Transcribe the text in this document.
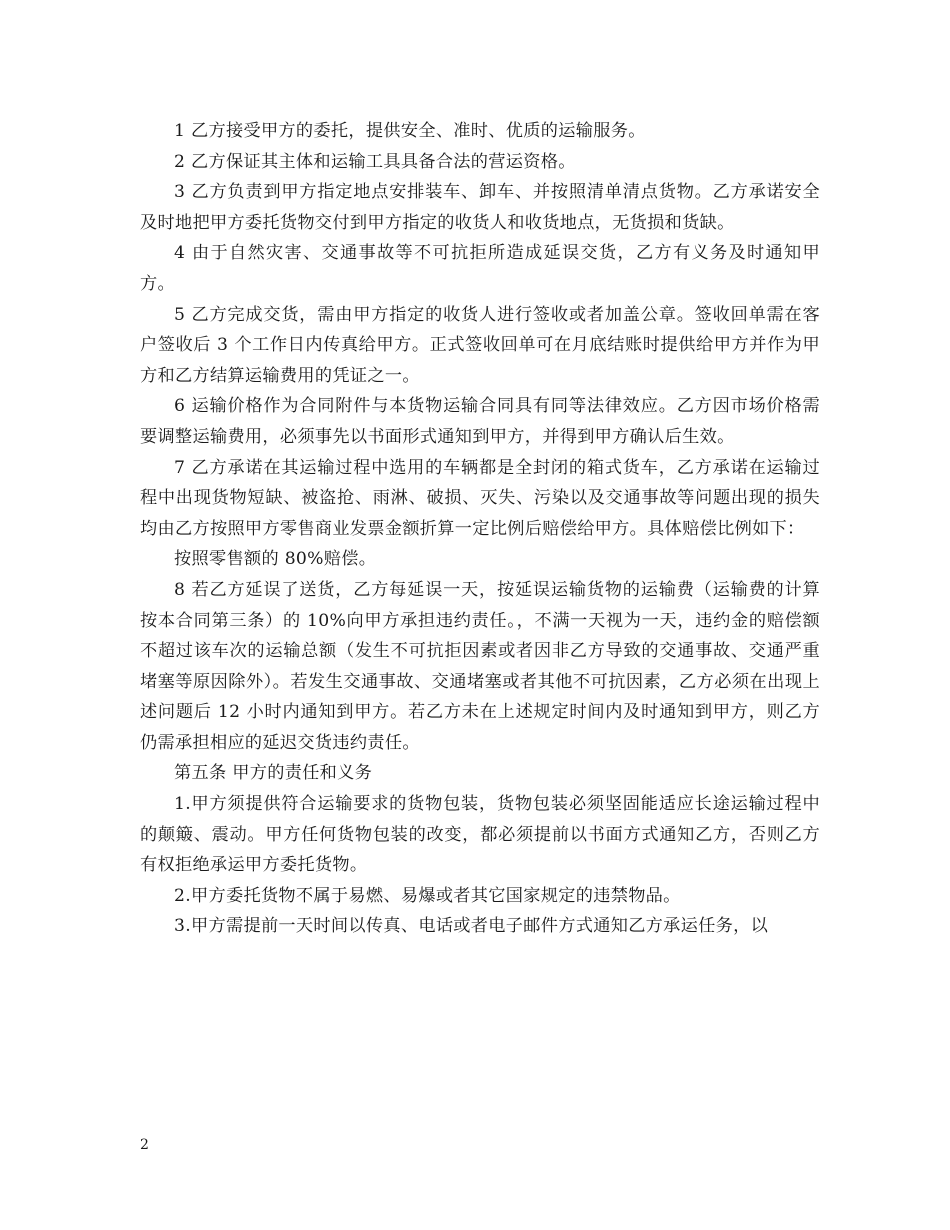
1 乙方接受甲方的委托，提供安全、准时、优质的运输服务。

2 乙方保证其主体和运输工具具备合法的营运资格。

3 乙方负责到甲方指定地点安排装车、卸车、并按照清单清点货物。乙方承诺安全及时地把甲方委托货物交付到甲方指定的收货人和收货地点，无货损和货缺。

4 由于自然灾害、交通事故等不可抗拒所造成延误交货，乙方有义务及时通知甲方。

5 乙方完成交货，需由甲方指定的收货人进行签收或者加盖公章。签收回单需在客户签收后 3 个工作日内传真给甲方。正式签收回单可在月底结账时提供给甲方并作为甲方和乙方结算运输费用的凭证之一。

6 运输价格作为合同附件与本货物运输合同具有同等法律效应。乙方因市场价格需要调整运输费用，必须事先以书面形式通知到甲方，并得到甲方确认后生效。

7 乙方承诺在其运输过程中选用的车辆都是全封闭的箱式货车，乙方承诺在运输过程中出现货物短缺、被盗抢、雨淋、破损、灭失、污染以及交通事故等问题出现的损失均由乙方按照甲方零售商业发票金额折算一定比例后赔偿给甲方。具体赔偿比例如下：

按照零售额的 80%赔偿。

8 若乙方延误了送货，乙方每延误一天，按延误运输货物的运输费（运输费的计算按本合同第三条）的 10%向甲方承担违约责任。，不满一天视为一天，违约金的赔偿额不超过该车次的运输总额（发生不可抗拒因素或者因非乙方导致的交通事故、交通严重堵塞等原因除外）。若发生交通事故、交通堵塞或者其他不可抗因素，乙方必须在出现上述问题后 12 小时内通知到甲方。若乙方未在上述规定时间内及时通知到甲方，则乙方仍需承担相应的延迟交货违约责任。

第五条 甲方的责任和义务

1.甲方须提供符合运输要求的货物包装，货物包装必须坚固能适应长途运输过程中的颠簸、震动。甲方任何货物包装的改变，都必须提前以书面方式通知乙方，否则乙方有权拒绝承运甲方委托货物。

2.甲方委托货物不属于易燃、易爆或者其它国家规定的违禁物品。

3.甲方需提前一天时间以传真、电话或者电子邮件方式通知乙方承运任务，以

2
